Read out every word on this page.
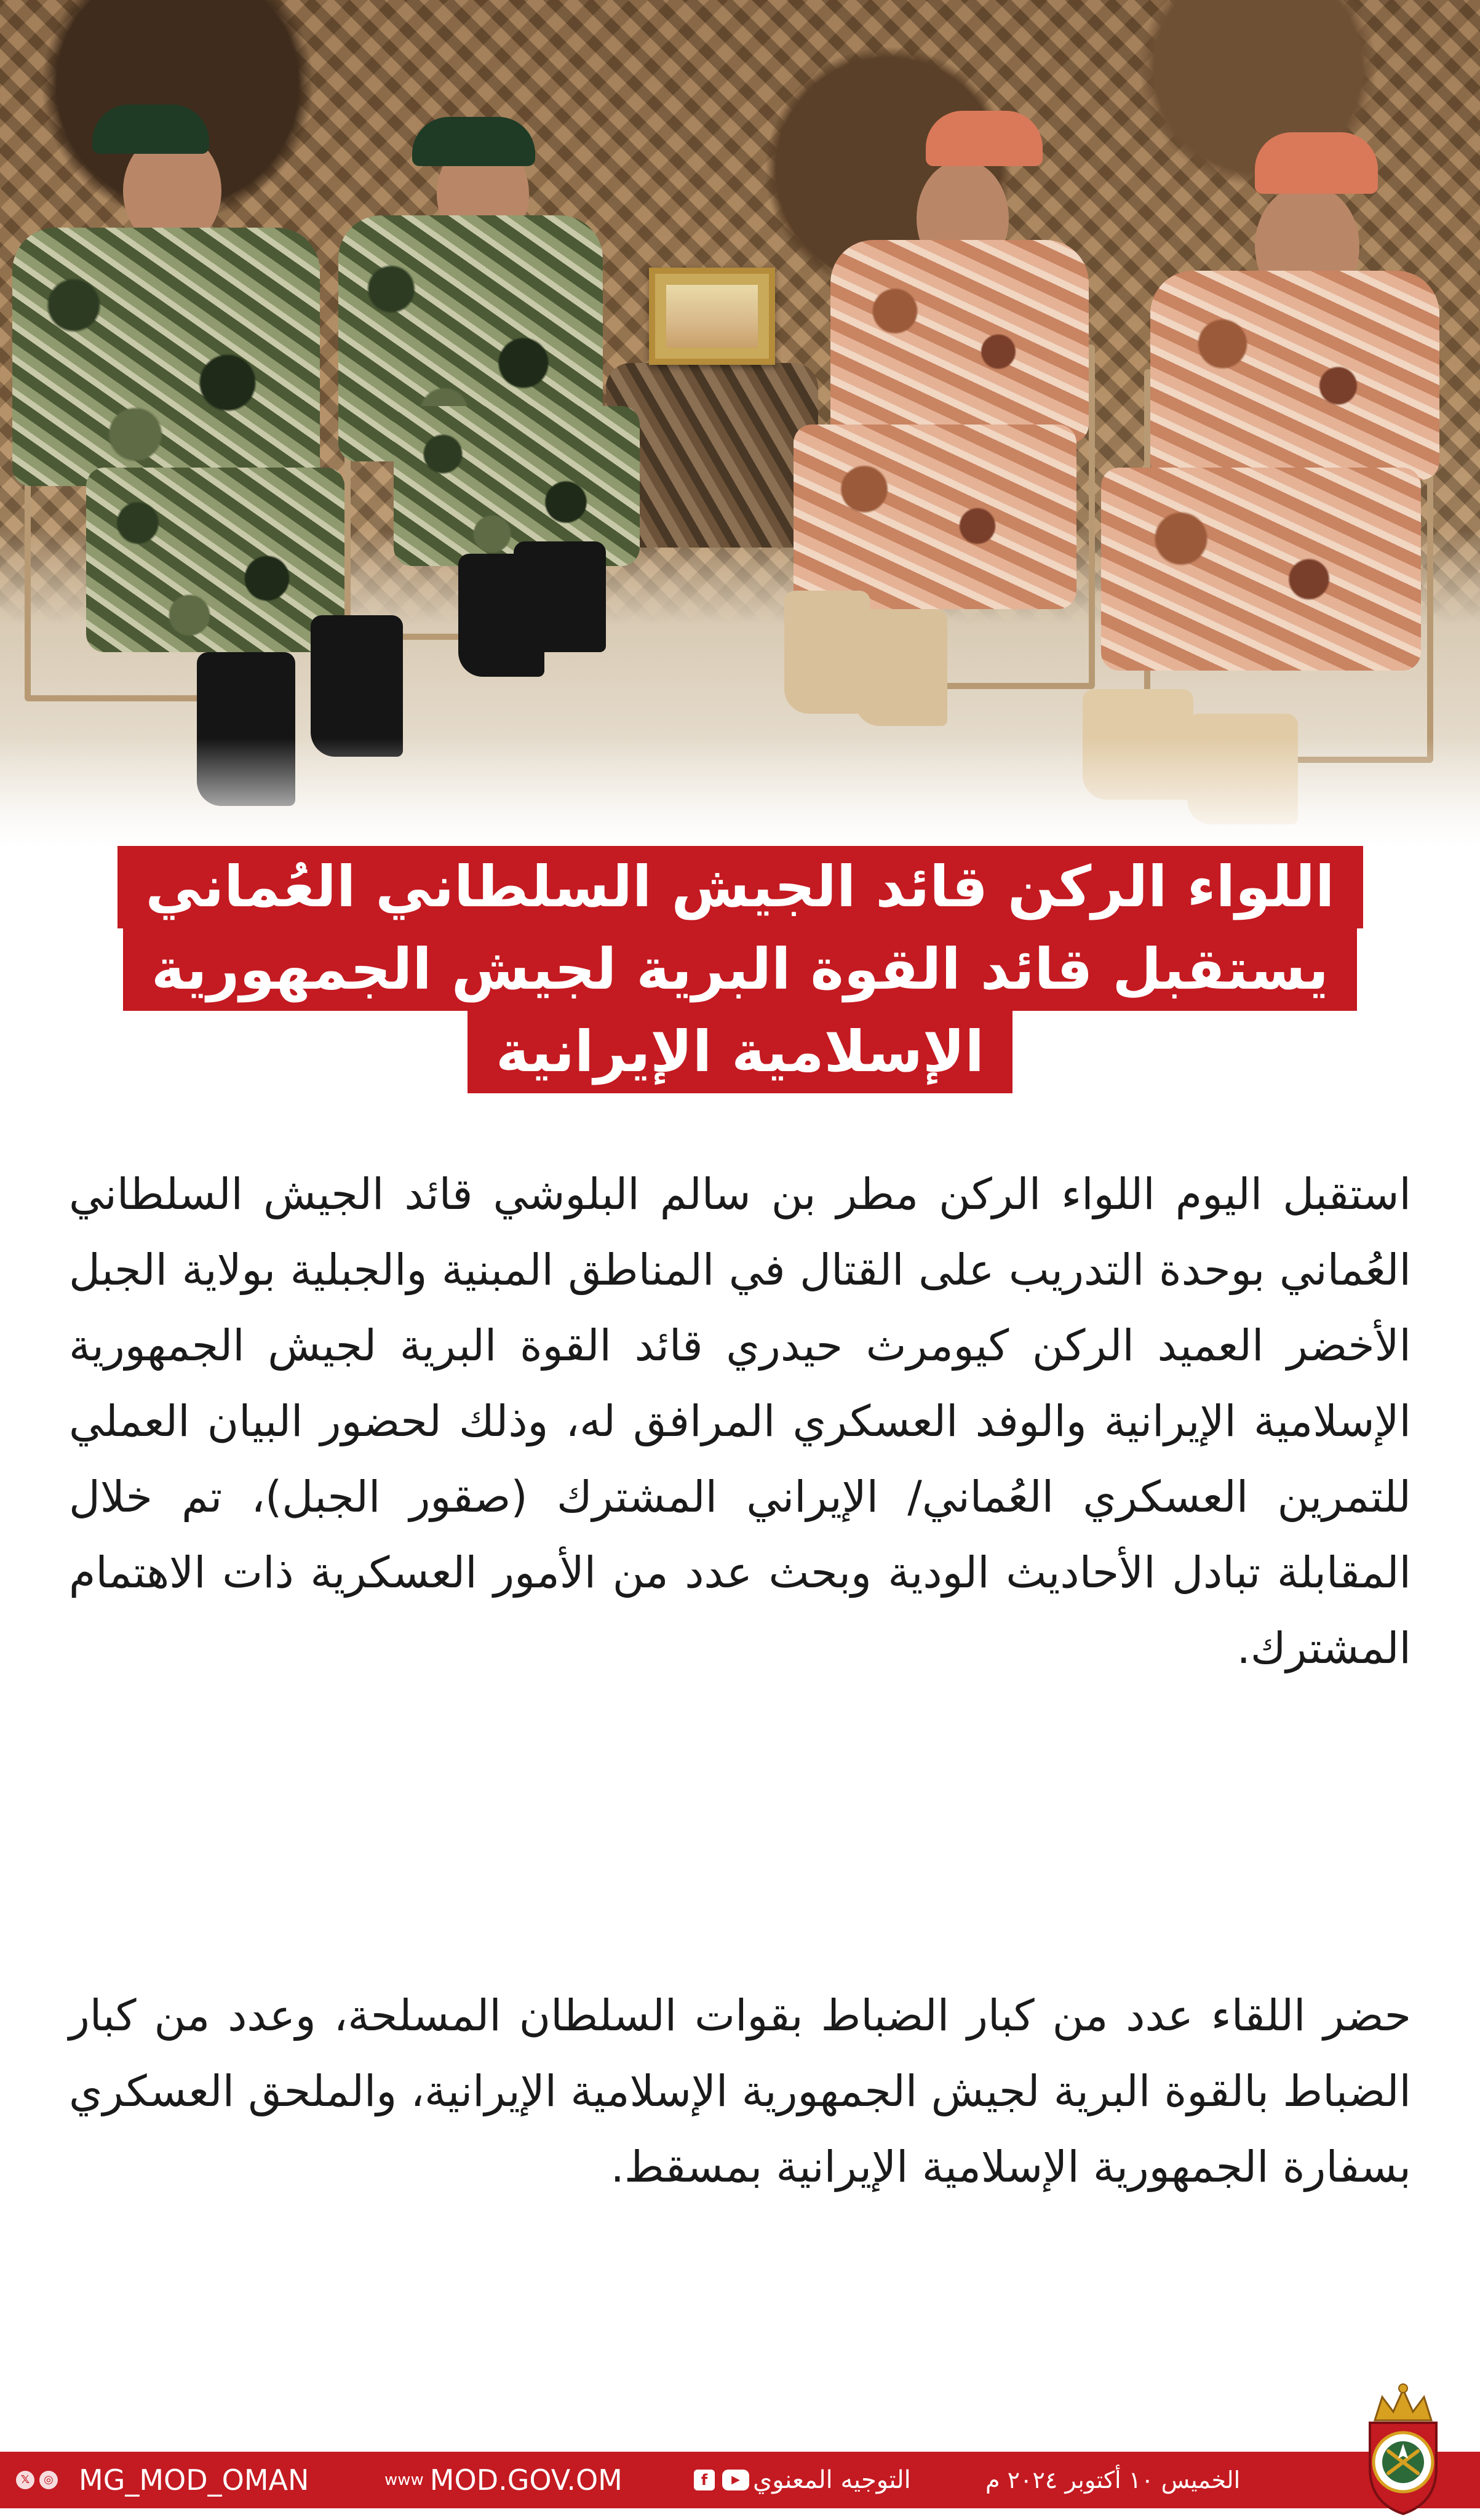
اللواء الركن قائد الجيش السلطاني العُماني
يستقبل قائد القوة البرية لجيش الجمهورية
الإسلامية الإيرانية

استقبل اليوم اللواء الركن مطر بن سالم البلوشي قائد الجيش السلطاني العُماني بوحدة التدريب على القتال في المناطق المبنية والجبلية بولاية الجبل الأخضر العميد الركن كيومرث حيدري قائد القوة البرية لجيش الجمهورية الإسلامية الإيرانية والوفد العسكري المرافق له، وذلك لحضور البيان العملي للتمرين العسكري العُماني/ الإيراني المشترك (صقور الجبل)، تم خلال المقابلة تبادل الأحاديث الودية وبحث عدد من الأمور العسكرية ذات الاهتمام المشترك.

حضر اللقاء عدد من كبار الضباط بقوات السلطان المسلحة، وعدد من كبار الضباط بالقوة البرية لجيش الجمهورية الإسلامية الإيرانية، والملحق العسكري بسفارة الجمهورية الإسلامية الإيرانية بمسقط.

𝕏	◎ MG_MOD_OMAN	www MOD.GOV.OM	التوجيه المعنوي
▶
f	الخميس ١٠ أكتوبر ٢٠٢٤ م
